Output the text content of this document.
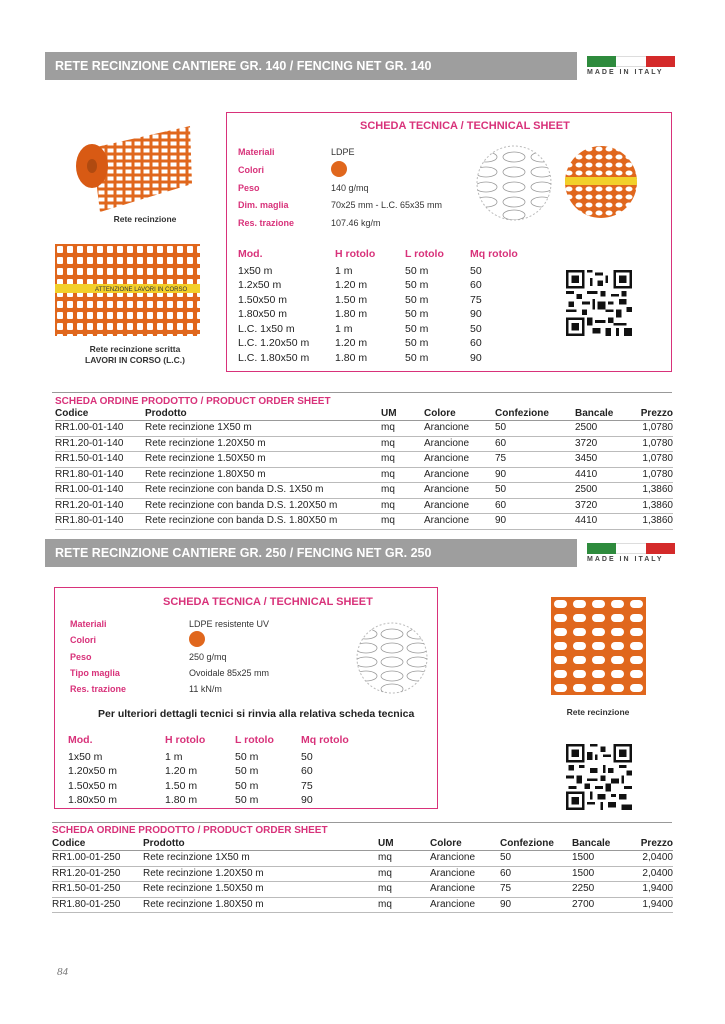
RETE RECINZIONE CANTIERE GR. 140 / FENCING NET GR. 140	MADE IN ITALY
Rete recinzione
ATTENZIONE LAVORI IN CORSO
Rete recinzione scritta
LAVORI IN CORSO (L.C.)
SCHEDA TECNICA / TECHNICAL SHEET
Materiali	LDPE
Colori
Peso	140 g/mq
Dim. maglia	70x25 mm - L.C. 65x35 mm
Res. trazione	107.46 kg/m
Mod.	H rotolo	L rotolo	Mq rotolo
1x50 m	1 m	50 m	50
1.2x50 m	1.20 m	50 m	60
1.50x50 m	1.50 m	50 m	75
1.80x50 m	1.80 m	50 m	90
L.C. 1x50 m	1 m	50 m	50
L.C. 1.20x50 m	1.20 m	50 m	60
L.C. 1.80x50 m	1.80 m	50 m	90
SCHEDA ORDINE PRODOTTO / PRODUCT ORDER SHEET
Codice	Prodotto	UM	Colore	Confezione	Bancale	Prezzo
RR1.00-01-140	Rete recinzione 1X50 m	mq	Arancione	50	2500	1,0780
RR1.20-01-140	Rete recinzione 1.20X50 m	mq	Arancione	60	3720	1,0780
RR1.50-01-140	Rete recinzione 1.50X50 m	mq	Arancione	75	3450	1,0780
RR1.80-01-140	Rete recinzione 1.80X50 m	mq	Arancione	90	4410	1,0780
RR1.00-01-140	Rete recinzione con banda D.S. 1X50 m	mq	Arancione	50	2500	1,3860
RR1.20-01-140	Rete recinzione con banda D.S. 1.20X50 m	mq	Arancione	60	3720	1,3860
RR1.80-01-140	Rete recinzione con banda D.S. 1.80X50 m	mq	Arancione	90	4410	1,3860
RETE RECINZIONE CANTIERE GR. 250 / FENCING NET GR. 250	MADE IN ITALY
SCHEDA TECNICA / TECHNICAL SHEET
Materiali	LDPE resistente UV
Colori
Peso	250 g/mq
Tipo maglia	Ovoidale 85x25 mm
Res. trazione	11 kN/m
Per ulteriori dettagli tecnici si rinvia alla relativa scheda tecnica
Mod.	H rotolo	L rotolo	Mq rotolo
1x50 m	1 m	50 m	50
1.20x50 m	1.20 m	50 m	60
1.50x50 m	1.50 m	50 m	75
1.80x50 m	1.80 m	50 m	90
Rete recinzione
SCHEDA ORDINE PRODOTTO / PRODUCT ORDER SHEET
Codice	Prodotto	UM	Colore	Confezione	Bancale	Prezzo
RR1.00-01-250	Rete recinzione 1X50 m	mq	Arancione	50	1500	2,0400
RR1.20-01-250	Rete recinzione 1.20X50 m	mq	Arancione	60	1500	2,0400
RR1.50-01-250	Rete recinzione 1.50X50 m	mq	Arancione	75	2250	1,9400
RR1.80-01-250	Rete recinzione 1.80X50 m	mq	Arancione	90	2700	1,9400
84
